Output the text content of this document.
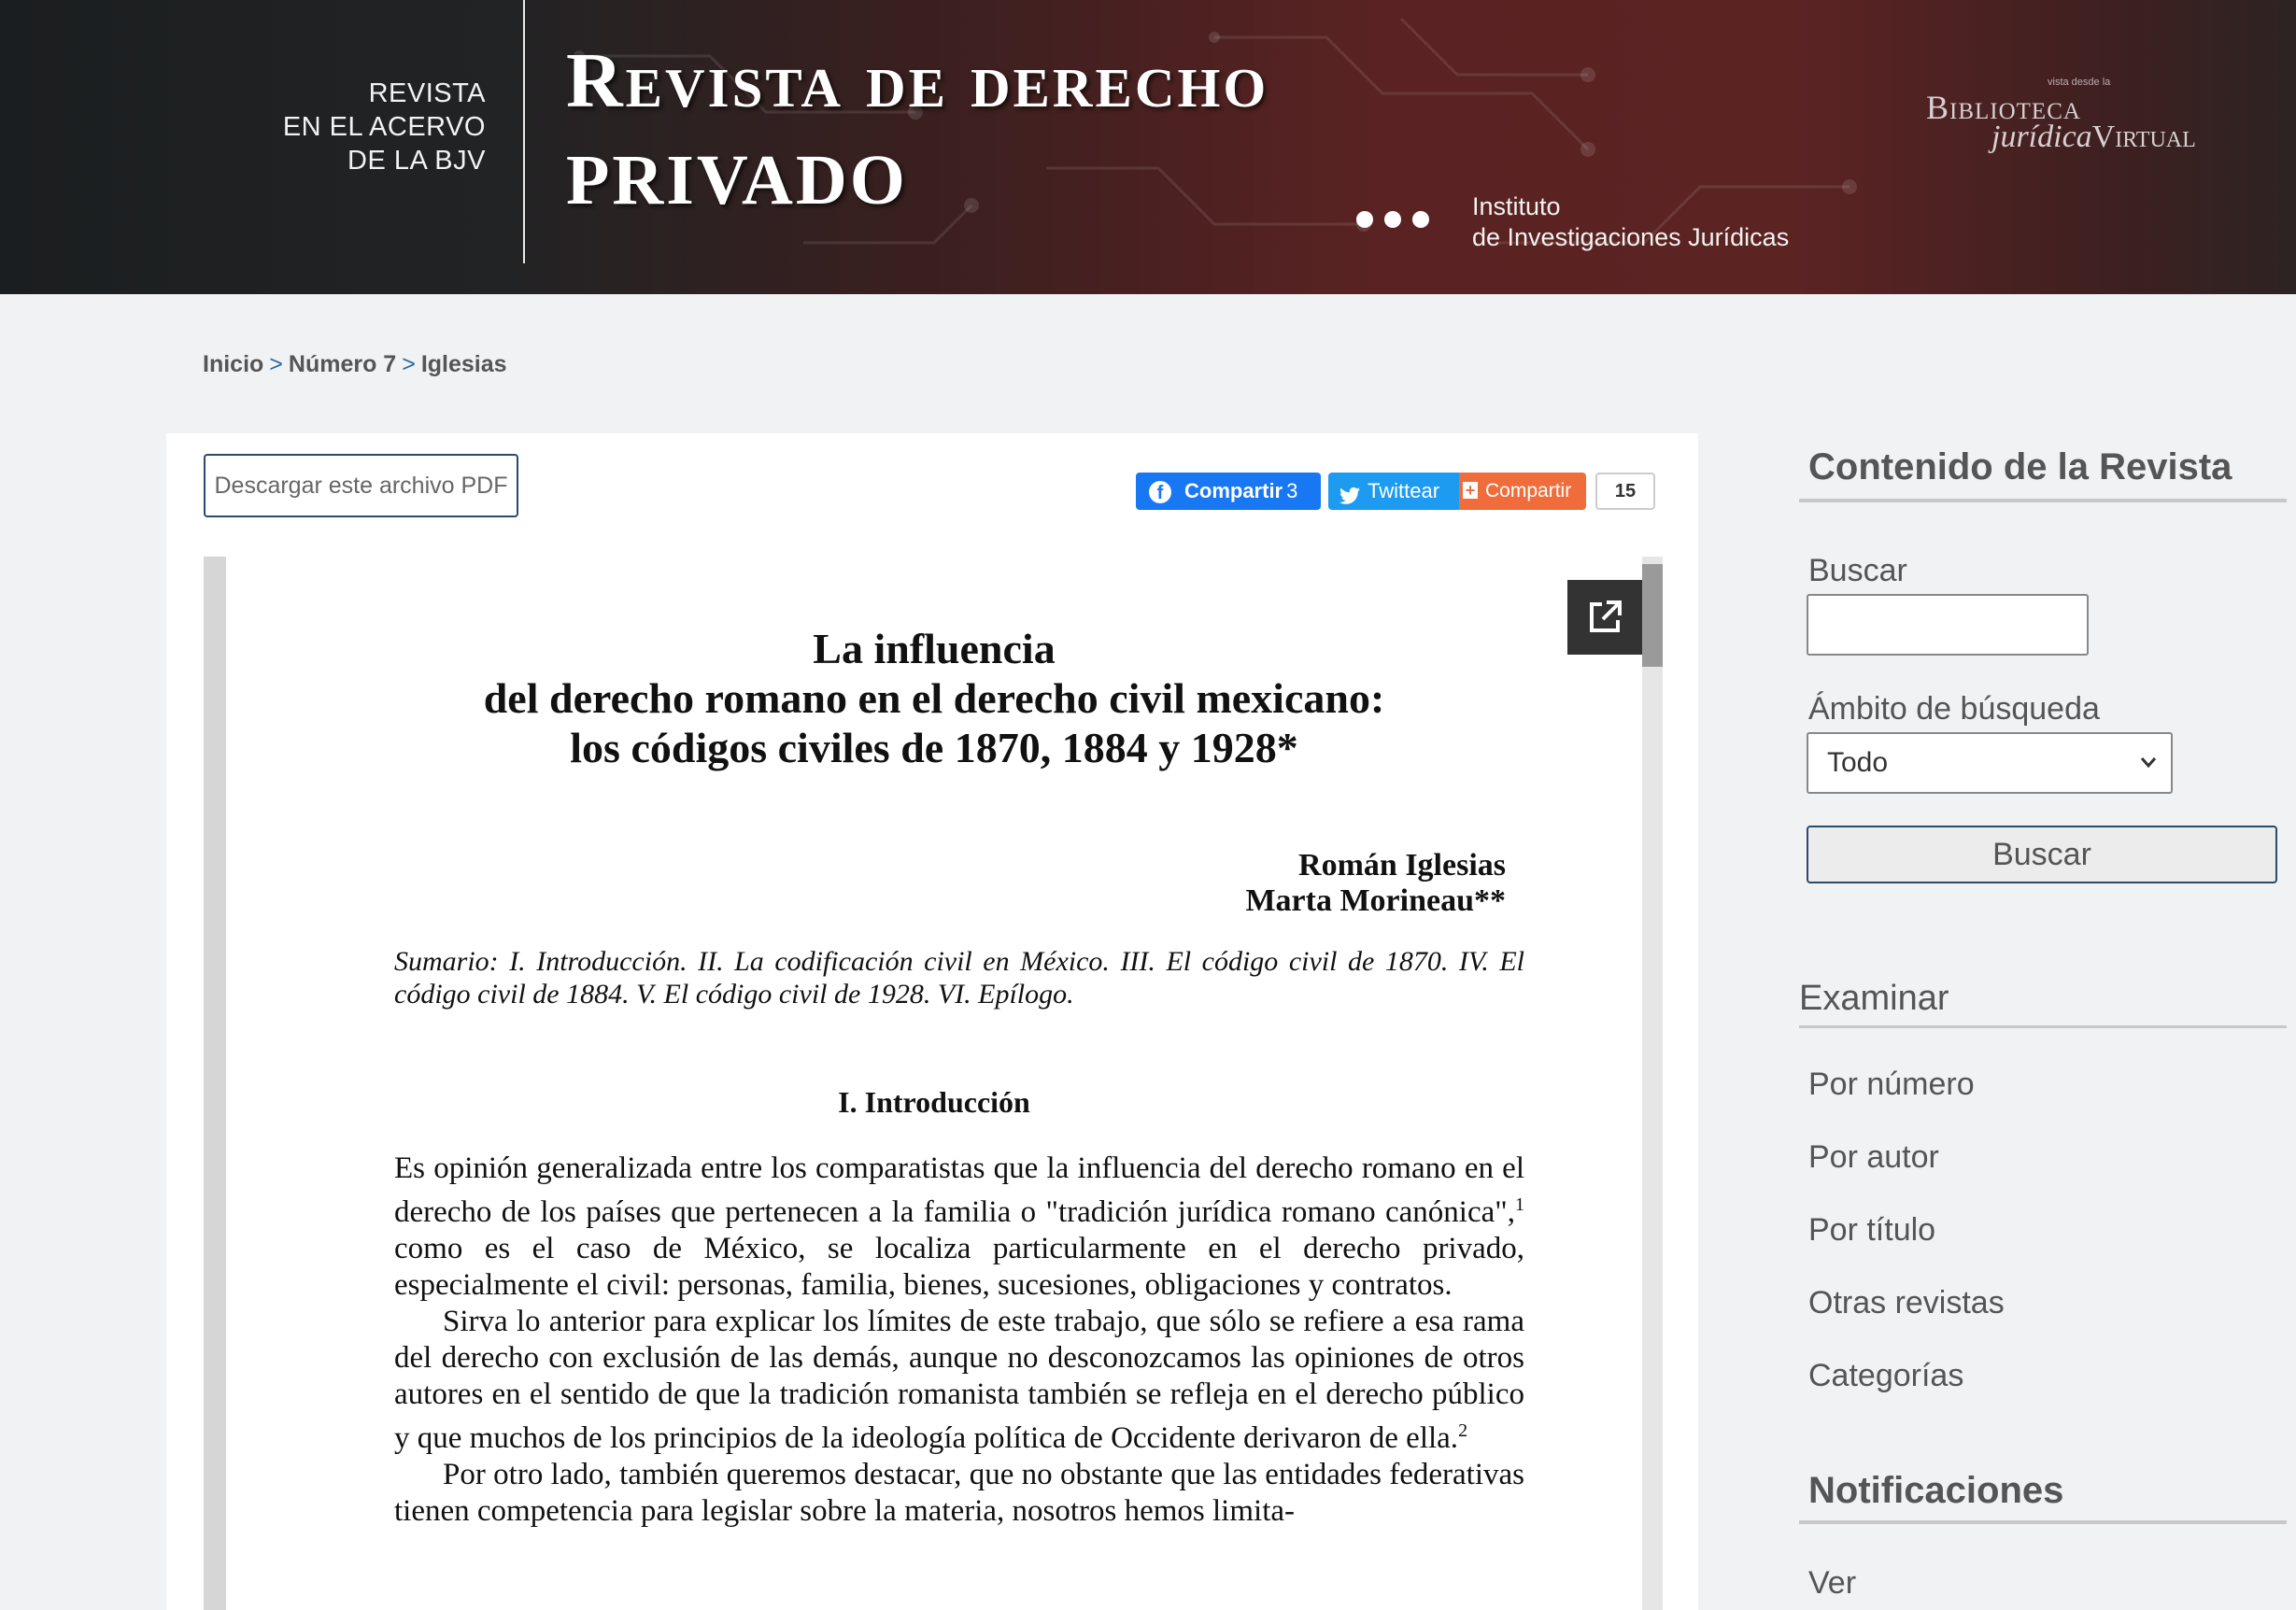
REVISTA
EN EL ACERVO
DE LA BJV
Revista de derecho
PRIVADO	Instituto
de Investigaciones Jurídicas
vista desde la
Biblioteca
jurídicaVirtual
Inicio > Número 7 > Iglesias
Descargar este archivo PDF	f	Compartir 3	Twittear	+ Compartir	15
La influencia
del derecho romano en el derecho civil mexicano:
los códigos civiles de 1870, 1884 y 1928*
Román Iglesias
Marta Morineau**
Sumario: I. Introducción. II. La codificación civil en México. III. El código civil de 1870. IV. El código civil de 1884. V. El código civil de 1928. VI. Epílogo.
I. Introducción

Es opinión generalizada entre los comparatistas que la influencia del derecho romano en el derecho de los países que pertenecen a la familia o "tradición jurídica romano canónica",$^1$ como es el caso de México, se localiza particularmente en el derecho privado, especialmente el civil: personas, familia, bienes, sucesiones, obligaciones y contratos.

Sirva lo anterior para explicar los límites de este trabajo, que sólo se refiere a esa rama del derecho con exclusión de las demás, aunque no desconozcamos las opiniones de otros autores en el sentido de que la tradición romanista también se refleja en el derecho público y que muchos de los principios de la ideología política de Occidente derivaron de ella.$^2$

Por otro lado, también queremos destacar, que no obstante que las entidades federativas tienen competencia para legislar sobre la materia, nosotros hemos limita-

Contenido de la Revista
Buscar
Ámbito de búsqueda
Todo
Buscar
Examinar
Por número
Por autor
Por título
Otras revistas
Categorías
Notificaciones
Ver
